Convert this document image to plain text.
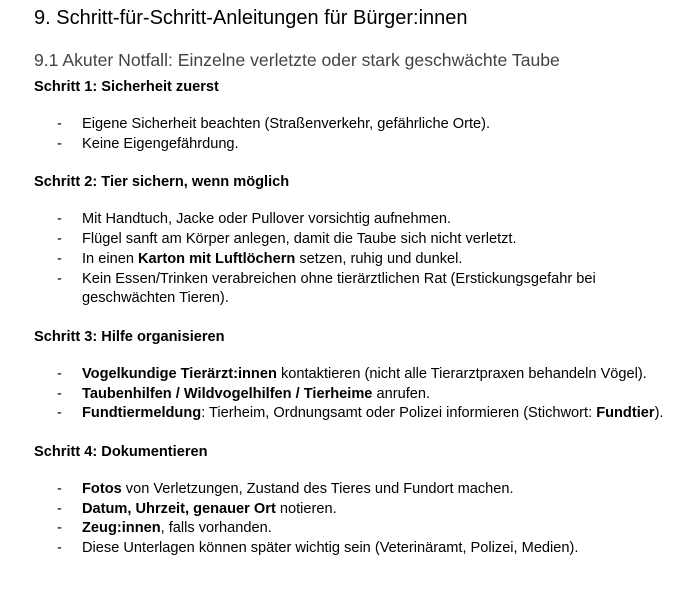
9. Schritt-für-Schritt-Anleitungen für Bürger:innen
9.1 Akuter Notfall: Einzelne verletzte oder stark geschwächte Taube

Schritt 1: Sicherheit zuerst

- Eigene Sicherheit beachten (Straßenverkehr, gefährliche Orte).
- Keine Eigengefährdung.

Schritt 2: Tier sichern, wenn möglich

- Mit Handtuch, Jacke oder Pullover vorsichtig aufnehmen.
- Flügel sanft am Körper anlegen, damit die Taube sich nicht verletzt.
- In einen Karton mit Luftlöchern setzen, ruhig und dunkel.
- Kein Essen/Trinken verabreichen ohne tierärztlichen Rat (Erstickungsgefahr bei geschwächten Tieren).

Schritt 3: Hilfe organisieren

- Vogelkundige Tierärzt:innen kontaktieren (nicht alle Tierarztpraxen behandeln Vögel).
- Taubenhilfen / Wildvogelhilfen / Tierheime anrufen.
- Fundtiermeldung: Tierheim, Ordnungsamt oder Polizei informieren (Stichwort: Fundtier).

Schritt 4: Dokumentieren

- Fotos von Verletzungen, Zustand des Tieres und Fundort machen.
- Datum, Uhrzeit, genauer Ort notieren.
- Zeug:innen, falls vorhanden.
- Diese Unterlagen können später wichtig sein (Veterinäramt, Polizei, Medien).
